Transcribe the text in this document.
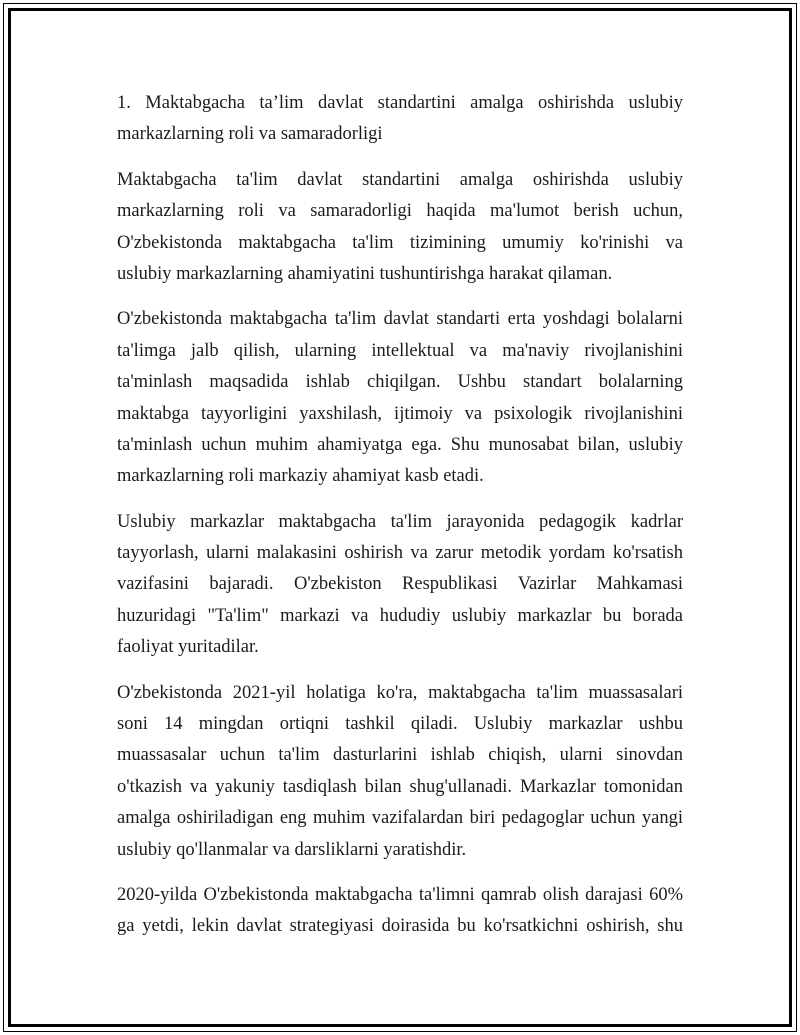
1. Maktabgacha ta’lim davlat standartini amalga oshirishda uslubiy
markazlarning roli va samaradorligi
Maktabgacha ta'lim davlat standartini amalga oshirishda uslubiy
markazlarning roli va samaradorligi haqida ma'lumot berish uchun,
O'zbekistonda maktabgacha ta'lim tizimining umumiy ko'rinishi va
uslubiy markazlarning ahamiyatini tushuntirishga harakat qilaman.
O'zbekistonda maktabgacha ta'lim davlat standarti erta yoshdagi bolalarni
ta'limga jalb qilish, ularning intellektual va ma'naviy rivojlanishini
ta'minlash maqsadida ishlab chiqilgan. Ushbu standart bolalarning
maktabga tayyorligini yaxshilash, ijtimoiy va psixologik rivojlanishini
ta'minlash uchun muhim ahamiyatga ega. Shu munosabat bilan, uslubiy
markazlarning roli markaziy ahamiyat kasb etadi.
Uslubiy markazlar maktabgacha ta'lim jarayonida pedagogik kadrlar
tayyorlash, ularni malakasini oshirish va zarur metodik yordam ko'rsatish
vazifasini bajaradi. O'zbekiston Respublikasi Vazirlar Mahkamasi
huzuridagi "Ta'lim" markazi va hududiy uslubiy markazlar bu borada
faoliyat yuritadilar.
O'zbekistonda 2021-yil holatiga ko'ra, maktabgacha ta'lim muassasalari
soni 14 mingdan ortiqni tashkil qiladi. Uslubiy markazlar ushbu
muassasalar uchun ta'lim dasturlarini ishlab chiqish, ularni sinovdan
o'tkazish va yakuniy tasdiqlash bilan shug'ullanadi. Markazlar tomonidan
amalga oshiriladigan eng muhim vazifalardan biri pedagoglar uchun yangi
uslubiy qo'llanmalar va darsliklarni yaratishdir.
2020-yilda O'zbekistonda maktabgacha ta'limni qamrab olish darajasi 60%
ga yetdi, lekin davlat strategiyasi doirasida bu ko'rsatkichni oshirish, shu
